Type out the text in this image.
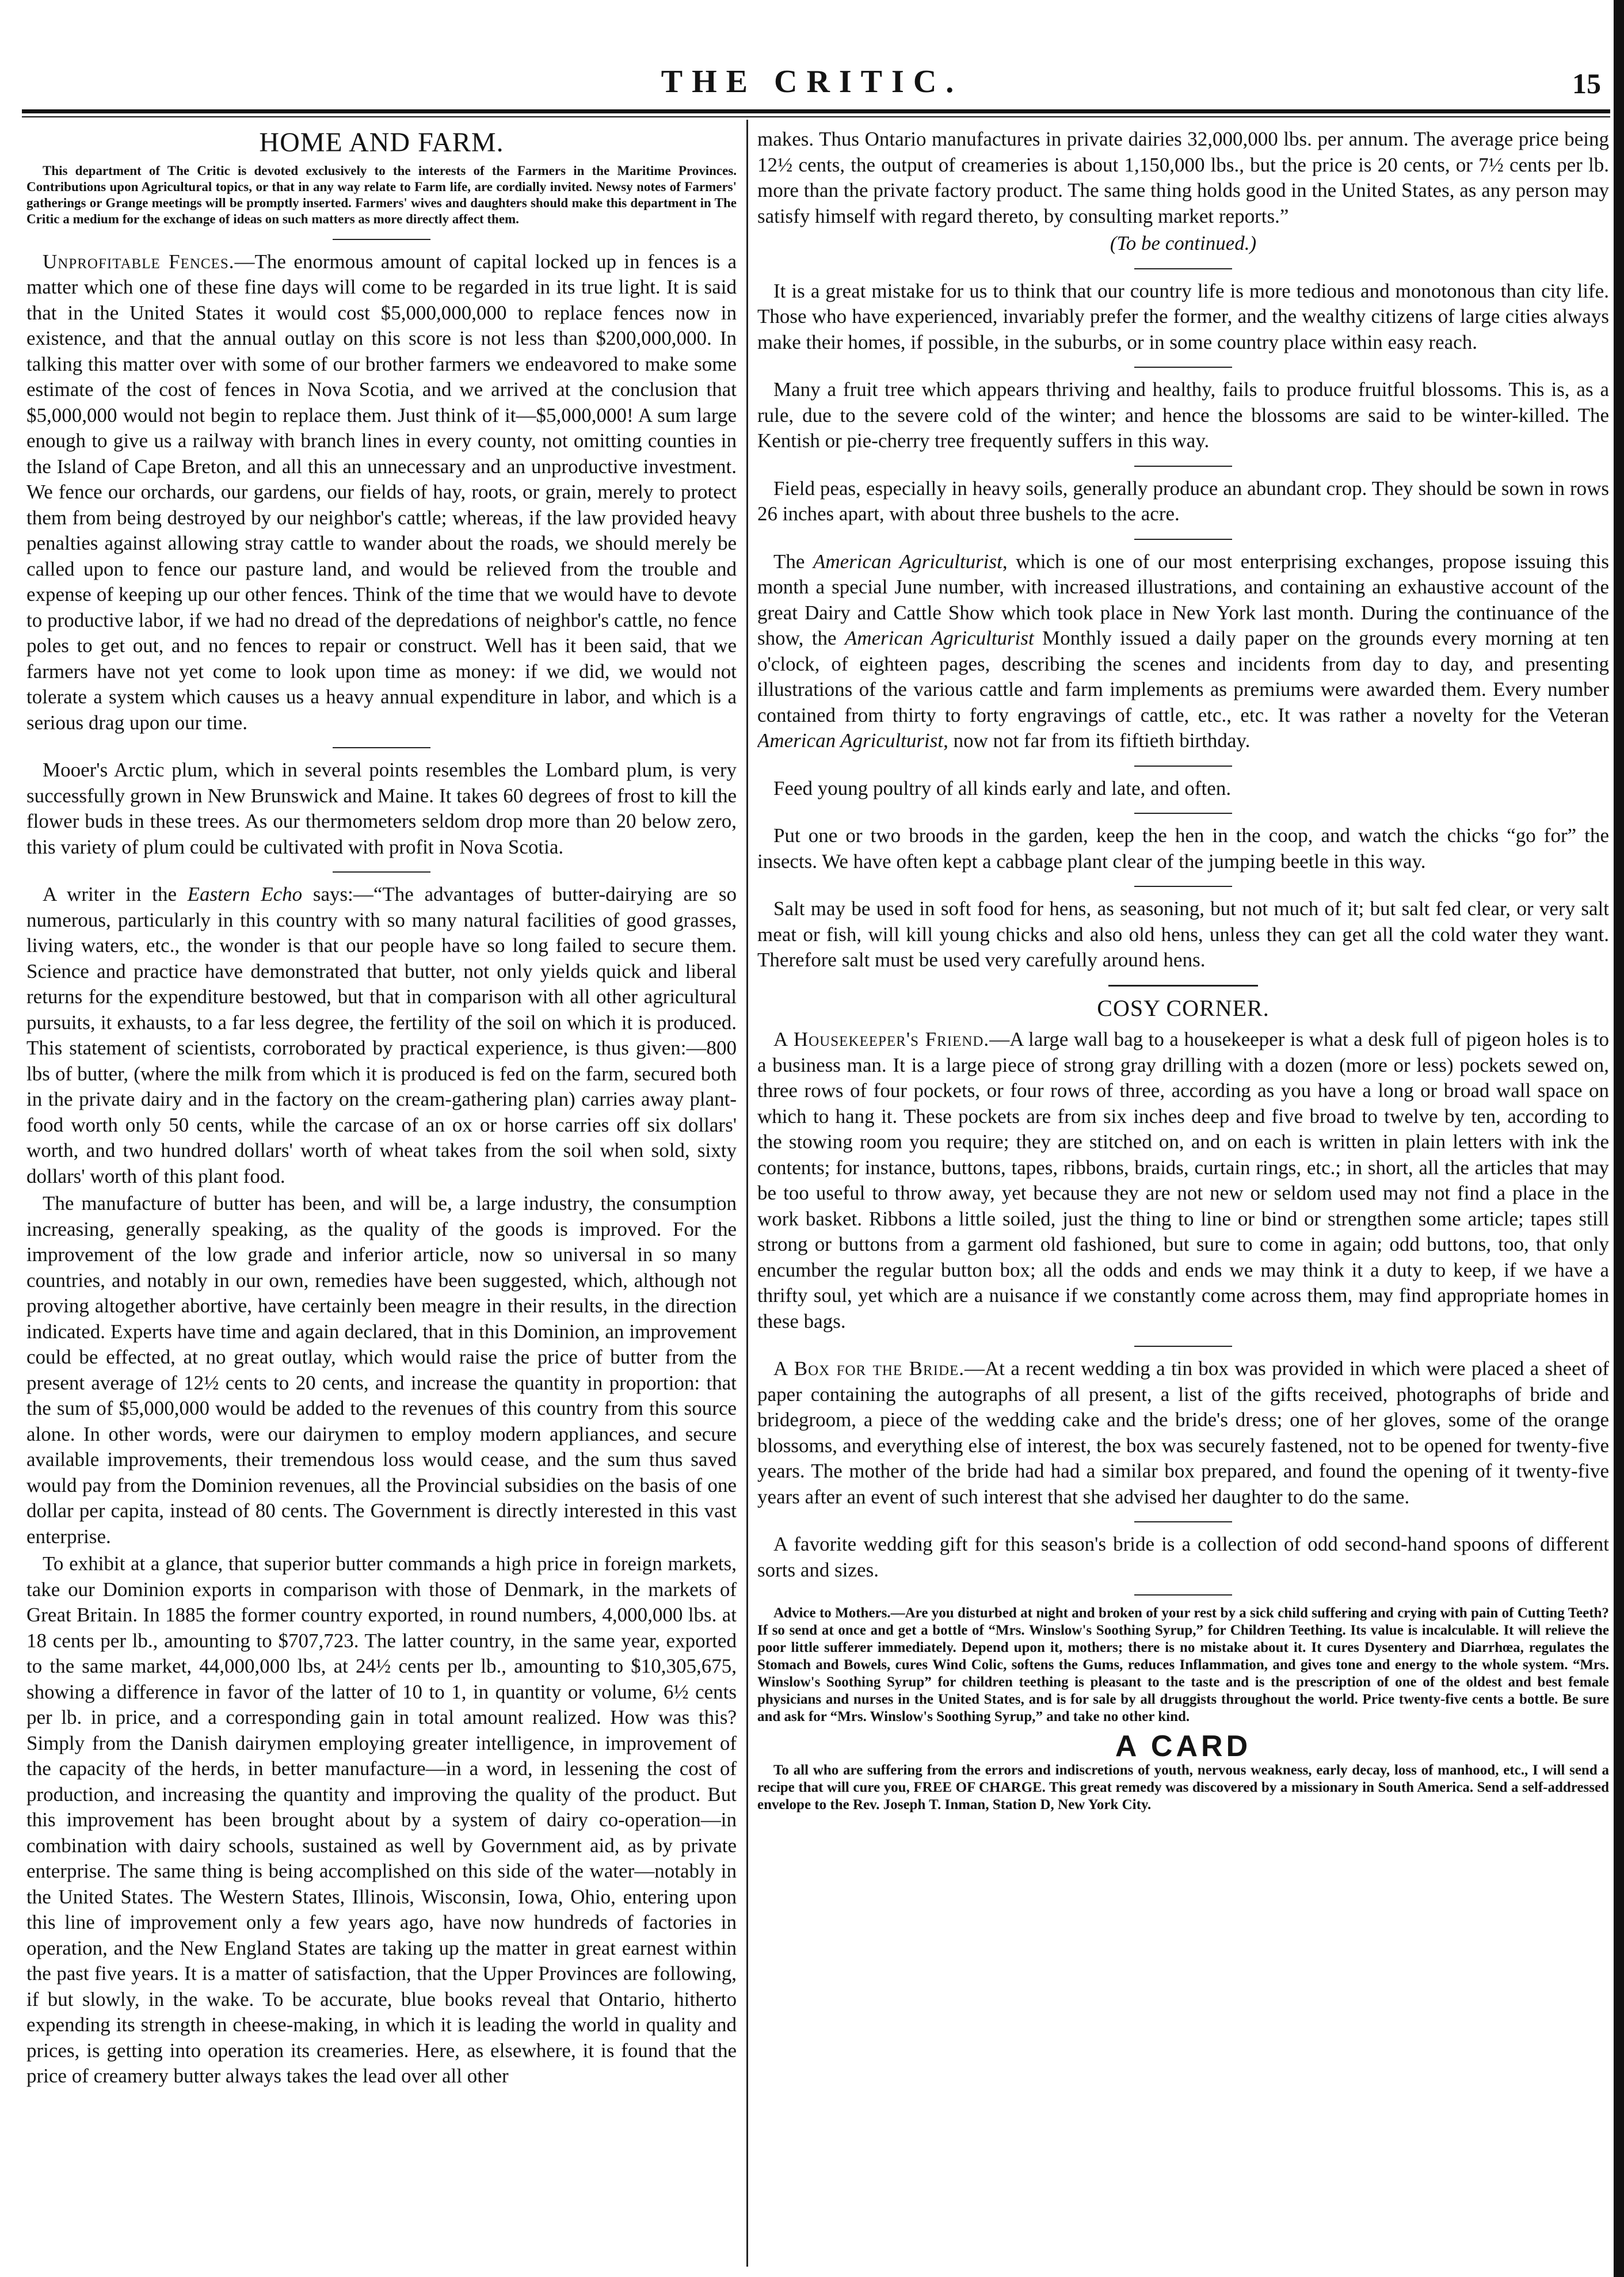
THE CRITIC.	15
HOME AND FARM.

This department of The Critic is devoted exclusively to the interests of the Farmers in the Maritime Provinces. Contributions upon Agricultural topics, or that in any way relate to Farm life, are cordially invited. Newsy notes of Farmers' gatherings or Grange meetings will be promptly inserted. Farmers' wives and daughters should make this department in The Critic a medium for the exchange of ideas on such matters as more directly affect them.

Unprofitable Fences.—The enormous amount of capital locked up in fences is a matter which one of these fine days will come to be regarded in its true light. It is said that in the United States it would cost $5,000,000,000 to replace fences now in existence, and that the annual outlay on this score is not less than $200,000,000. In talking this matter over with some of our brother farmers we endeavored to make some estimate of the cost of fences in Nova Scotia, and we arrived at the conclusion that $5,000,000 would not begin to replace them. Just think of it—$5,000,000! A sum large enough to give us a railway with branch lines in every county, not omitting counties in the Island of Cape Breton, and all this an unnecessary and an unproductive investment. We fence our orchards, our gardens, our fields of hay, roots, or grain, merely to protect them from being destroyed by our neighbor's cattle; whereas, if the law provided heavy penalties against allowing stray cattle to wander about the roads, we should merely be called upon to fence our pasture land, and would be relieved from the trouble and expense of keeping up our other fences. Think of the time that we would have to devote to productive labor, if we had no dread of the depredations of neighbor's cattle, no fence poles to get out, and no fences to repair or construct. Well has it been said, that we farmers have not yet come to look upon time as money: if we did, we would not tolerate a system which causes us a heavy annual expenditure in labor, and which is a serious drag upon our time.

Mooer's Arctic plum, which in several points resembles the Lombard plum, is very successfully grown in New Brunswick and Maine. It takes 60 degrees of frost to kill the flower buds in these trees. As our thermometers seldom drop more than 20 below zero, this variety of plum could be cultivated with profit in Nova Scotia.

A writer in the Eastern Echo says:—“The advantages of butter-dairying are so numerous, particularly in this country with so many natural facilities of good grasses, living waters, etc., the wonder is that our people have so long failed to secure them. Science and practice have demonstrated that butter, not only yields quick and liberal returns for the expenditure bestowed, but that in comparison with all other agricultural pursuits, it exhausts, to a far less degree, the fertility of the soil on which it is produced. This statement of scientists, corroborated by practical experience, is thus given:—800 lbs of butter, (where the milk from which it is produced is fed on the farm, secured both in the private dairy and in the factory on the cream-gathering plan) carries away plant-food worth only 50 cents, while the carcase of an ox or horse carries off six dollars' worth, and two hundred dollars' worth of wheat takes from the soil when sold, sixty dollars' worth of this plant food.

The manufacture of butter has been, and will be, a large industry, the consumption increasing, generally speaking, as the quality of the goods is improved. For the improvement of the low grade and inferior article, now so universal in so many countries, and notably in our own, remedies have been suggested, which, although not proving altogether abortive, have certainly been meagre in their results, in the direction indicated. Experts have time and again declared, that in this Dominion, an improvement could be effected, at no great outlay, which would raise the price of butter from the present average of 12½ cents to 20 cents, and increase the quantity in proportion: that the sum of $5,000,000 would be added to the revenues of this country from this source alone. In other words, were our dairymen to employ modern appliances, and secure available improvements, their tremendous loss would cease, and the sum thus saved would pay from the Dominion revenues, all the Provincial subsidies on the basis of one dollar per capita, instead of 80 cents. The Government is directly interested in this vast enterprise.

To exhibit at a glance, that superior butter commands a high price in foreign markets, take our Dominion exports in comparison with those of Denmark, in the markets of Great Britain. In 1885 the former country exported, in round numbers, 4,000,000 lbs. at 18 cents per lb., amounting to $707,723. The latter country, in the same year, exported to the same market, 44,000,000 lbs, at 24½ cents per lb., amounting to $10,305,675, showing a difference in favor of the latter of 10 to 1, in quantity or volume, 6½ cents per lb. in price, and a corresponding gain in total amount realized. How was this? Simply from the Danish dairymen employing greater intelligence, in improvement of the capacity of the herds, in better manufacture—in a word, in lessening the cost of production, and increasing the quantity and improving the quality of the product. But this improvement has been brought about by a system of dairy co-operation—in combination with dairy schools, sustained as well by Government aid, as by private enterprise. The same thing is being accomplished on this side of the water—notably in the United States. The Western States, Illinois, Wisconsin, Iowa, Ohio, entering upon this line of improvement only a few years ago, have now hundreds of factories in operation, and the New England States are taking up the matter in great earnest within the past five years. It is a matter of satisfaction, that the Upper Provinces are following, if but slowly, in the wake. To be accurate, blue books reveal that Ontario, hitherto expending its strength in cheese-making, in which it is leading the world in quality and prices, is getting into operation its creameries. Here, as elsewhere, it is found that the price of creamery butter always takes the lead over all other

makes. Thus Ontario manufactures in private dairies 32,000,000 lbs. per annum. The average price being 12½ cents, the output of creameries is about 1,150,000 lbs., but the price is 20 cents, or 7½ cents per lb. more than the private factory product. The same thing holds good in the United States, as any person may satisfy himself with regard thereto, by consulting market reports.”

(To be continued.)

It is a great mistake for us to think that our country life is more tedious and monotonous than city life. Those who have experienced, invariably prefer the former, and the wealthy citizens of large cities always make their homes, if possible, in the suburbs, or in some country place within easy reach.

Many a fruit tree which appears thriving and healthy, fails to produce fruitful blossoms. This is, as a rule, due to the severe cold of the winter; and hence the blossoms are said to be winter-killed. The Kentish or pie-cherry tree frequently suffers in this way.

Field peas, especially in heavy soils, generally produce an abundant crop. They should be sown in rows 26 inches apart, with about three bushels to the acre.

The American Agriculturist, which is one of our most enterprising exchanges, propose issuing this month a special June number, with increased illustrations, and containing an exhaustive account of the great Dairy and Cattle Show which took place in New York last month. During the continuance of the show, the American Agriculturist Monthly issued a daily paper on the grounds every morning at ten o'clock, of eighteen pages, describing the scenes and incidents from day to day, and presenting illustrations of the various cattle and farm implements as premiums were awarded them. Every number contained from thirty to forty engravings of cattle, etc., etc. It was rather a novelty for the Veteran American Agriculturist, now not far from its fiftieth birthday.

Feed young poultry of all kinds early and late, and often.

Put one or two broods in the garden, keep the hen in the coop, and watch the chicks “go for” the insects. We have often kept a cabbage plant clear of the jumping beetle in this way.

Salt may be used in soft food for hens, as seasoning, but not much of it; but salt fed clear, or very salt meat or fish, will kill young chicks and also old hens, unless they can get all the cold water they want. Therefore salt must be used very carefully around hens.

COSY CORNER.

A Housekeeper's Friend.—A large wall bag to a housekeeper is what a desk full of pigeon holes is to a business man. It is a large piece of strong gray drilling with a dozen (more or less) pockets sewed on, three rows of four pockets, or four rows of three, according as you have a long or broad wall space on which to hang it. These pockets are from six inches deep and five broad to twelve by ten, according to the stowing room you require; they are stitched on, and on each is written in plain letters with ink the contents; for instance, buttons, tapes, ribbons, braids, curtain rings, etc.; in short, all the articles that may be too useful to throw away, yet because they are not new or seldom used may not find a place in the work basket. Ribbons a little soiled, just the thing to line or bind or strengthen some article; tapes still strong or buttons from a garment old fashioned, but sure to come in again; odd buttons, too, that only encumber the regular button box; all the odds and ends we may think it a duty to keep, if we have a thrifty soul, yet which are a nuisance if we constantly come across them, may find appropriate homes in these bags.

A Box for the Bride.—At a recent wedding a tin box was provided in which were placed a sheet of paper containing the autographs of all present, a list of the gifts received, photographs of bride and bridegroom, a piece of the wedding cake and the bride's dress; one of her gloves, some of the orange blossoms, and everything else of interest, the box was securely fastened, not to be opened for twenty-five years. The mother of the bride had had a similar box prepared, and found the opening of it twenty-five years after an event of such interest that she advised her daughter to do the same.

A favorite wedding gift for this season's bride is a collection of odd second-hand spoons of different sorts and sizes.

Advice to Mothers.—Are you disturbed at night and broken of your rest by a sick child suffering and crying with pain of Cutting Teeth? If so send at once and get a bottle of “Mrs. Winslow's Soothing Syrup,” for Children Teething. Its value is incalculable. It will relieve the poor little sufferer immediately. Depend upon it, mothers; there is no mistake about it. It cures Dysentery and Diarrhœa, regulates the Stomach and Bowels, cures Wind Colic, softens the Gums, reduces Inflammation, and gives tone and energy to the whole system. “Mrs. Winslow's Soothing Syrup” for children teething is pleasant to the taste and is the prescription of one of the oldest and best female physicians and nurses in the United States, and is for sale by all druggists throughout the world. Price twenty-five cents a bottle. Be sure and ask for “Mrs. Winslow's Soothing Syrup,” and take no other kind.

A CARD

To all who are suffering from the errors and indiscretions of youth, nervous weakness, early decay, loss of manhood, etc., I will send a recipe that will cure you, FREE OF CHARGE. This great remedy was discovered by a missionary in South America. Send a self-addressed envelope to the Rev. Joseph T. Inman, Station D, New York City.
